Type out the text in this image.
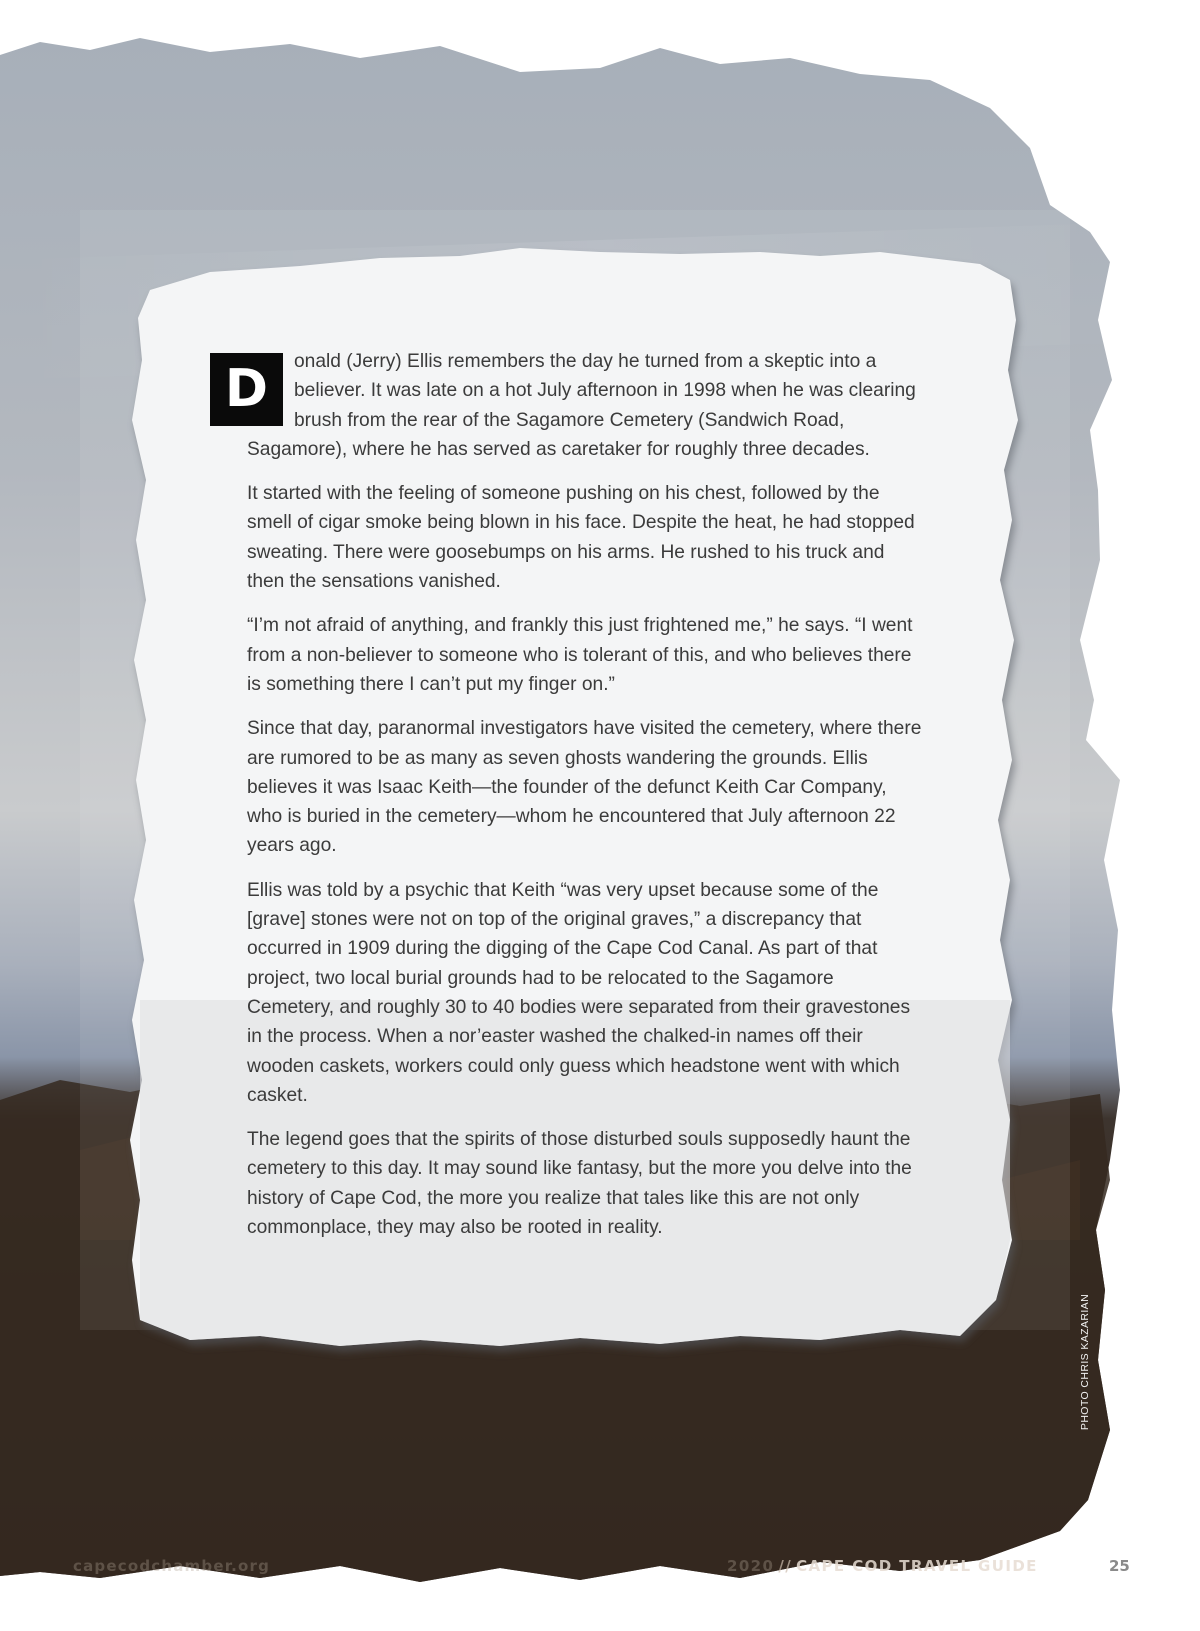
D	onald (Jerry) Ellis remembers the day he turned from a skeptic into a believer. It was late on a hot July afternoon in 1998 when he was clearing brush from the rear of the Sagamore Cemetery (Sandwich Road, Sagamore), where he has served as caretaker for roughly three decades.

It started with the feeling of someone pushing on his chest, followed by the smell of cigar smoke being blown in his face. Despite the heat, he had stopped sweating. There were goosebumps on his arms. He rushed to his truck and then the sensations vanished.

“I’m not afraid of anything, and frankly this just frightened me,” he says. “I went from a non-believer to someone who is tolerant of this, and who believes there is something there I can’t put my finger on.”

Since that day, paranormal investigators have visited the cemetery, where there are rumored to be as many as seven ghosts wandering the grounds. Ellis believes it was Isaac Keith—the founder of the defunct Keith Car Company, who is buried in the cemetery—whom he encountered that July afternoon 22 years ago.

Ellis was told by a psychic that Keith “was very upset because some of the [grave] stones were not on top of the original graves,” a discrepancy that occurred in 1909 during the digging of the Cape Cod Canal. As part of that project, two local burial grounds had to be relocated to the Sagamore Cemetery, and roughly 30 to 40 bodies were separated from their gravestones in the process. When a nor’easter washed the chalked-in names off their wooden caskets, workers could only guess which headstone went with which casket.

The legend goes that the spirits of those disturbed souls supposedly haunt the cemetery to this day. It may sound like fantasy, but the more you delve into the history of Cape Cod, the more you realize that tales like this are not only commonplace, they may also be rooted in reality.

PHOTO CHRIS KAZARIAN
capecodchamber.org	2020 // CAPE COD TRAVEL GUIDE	25
